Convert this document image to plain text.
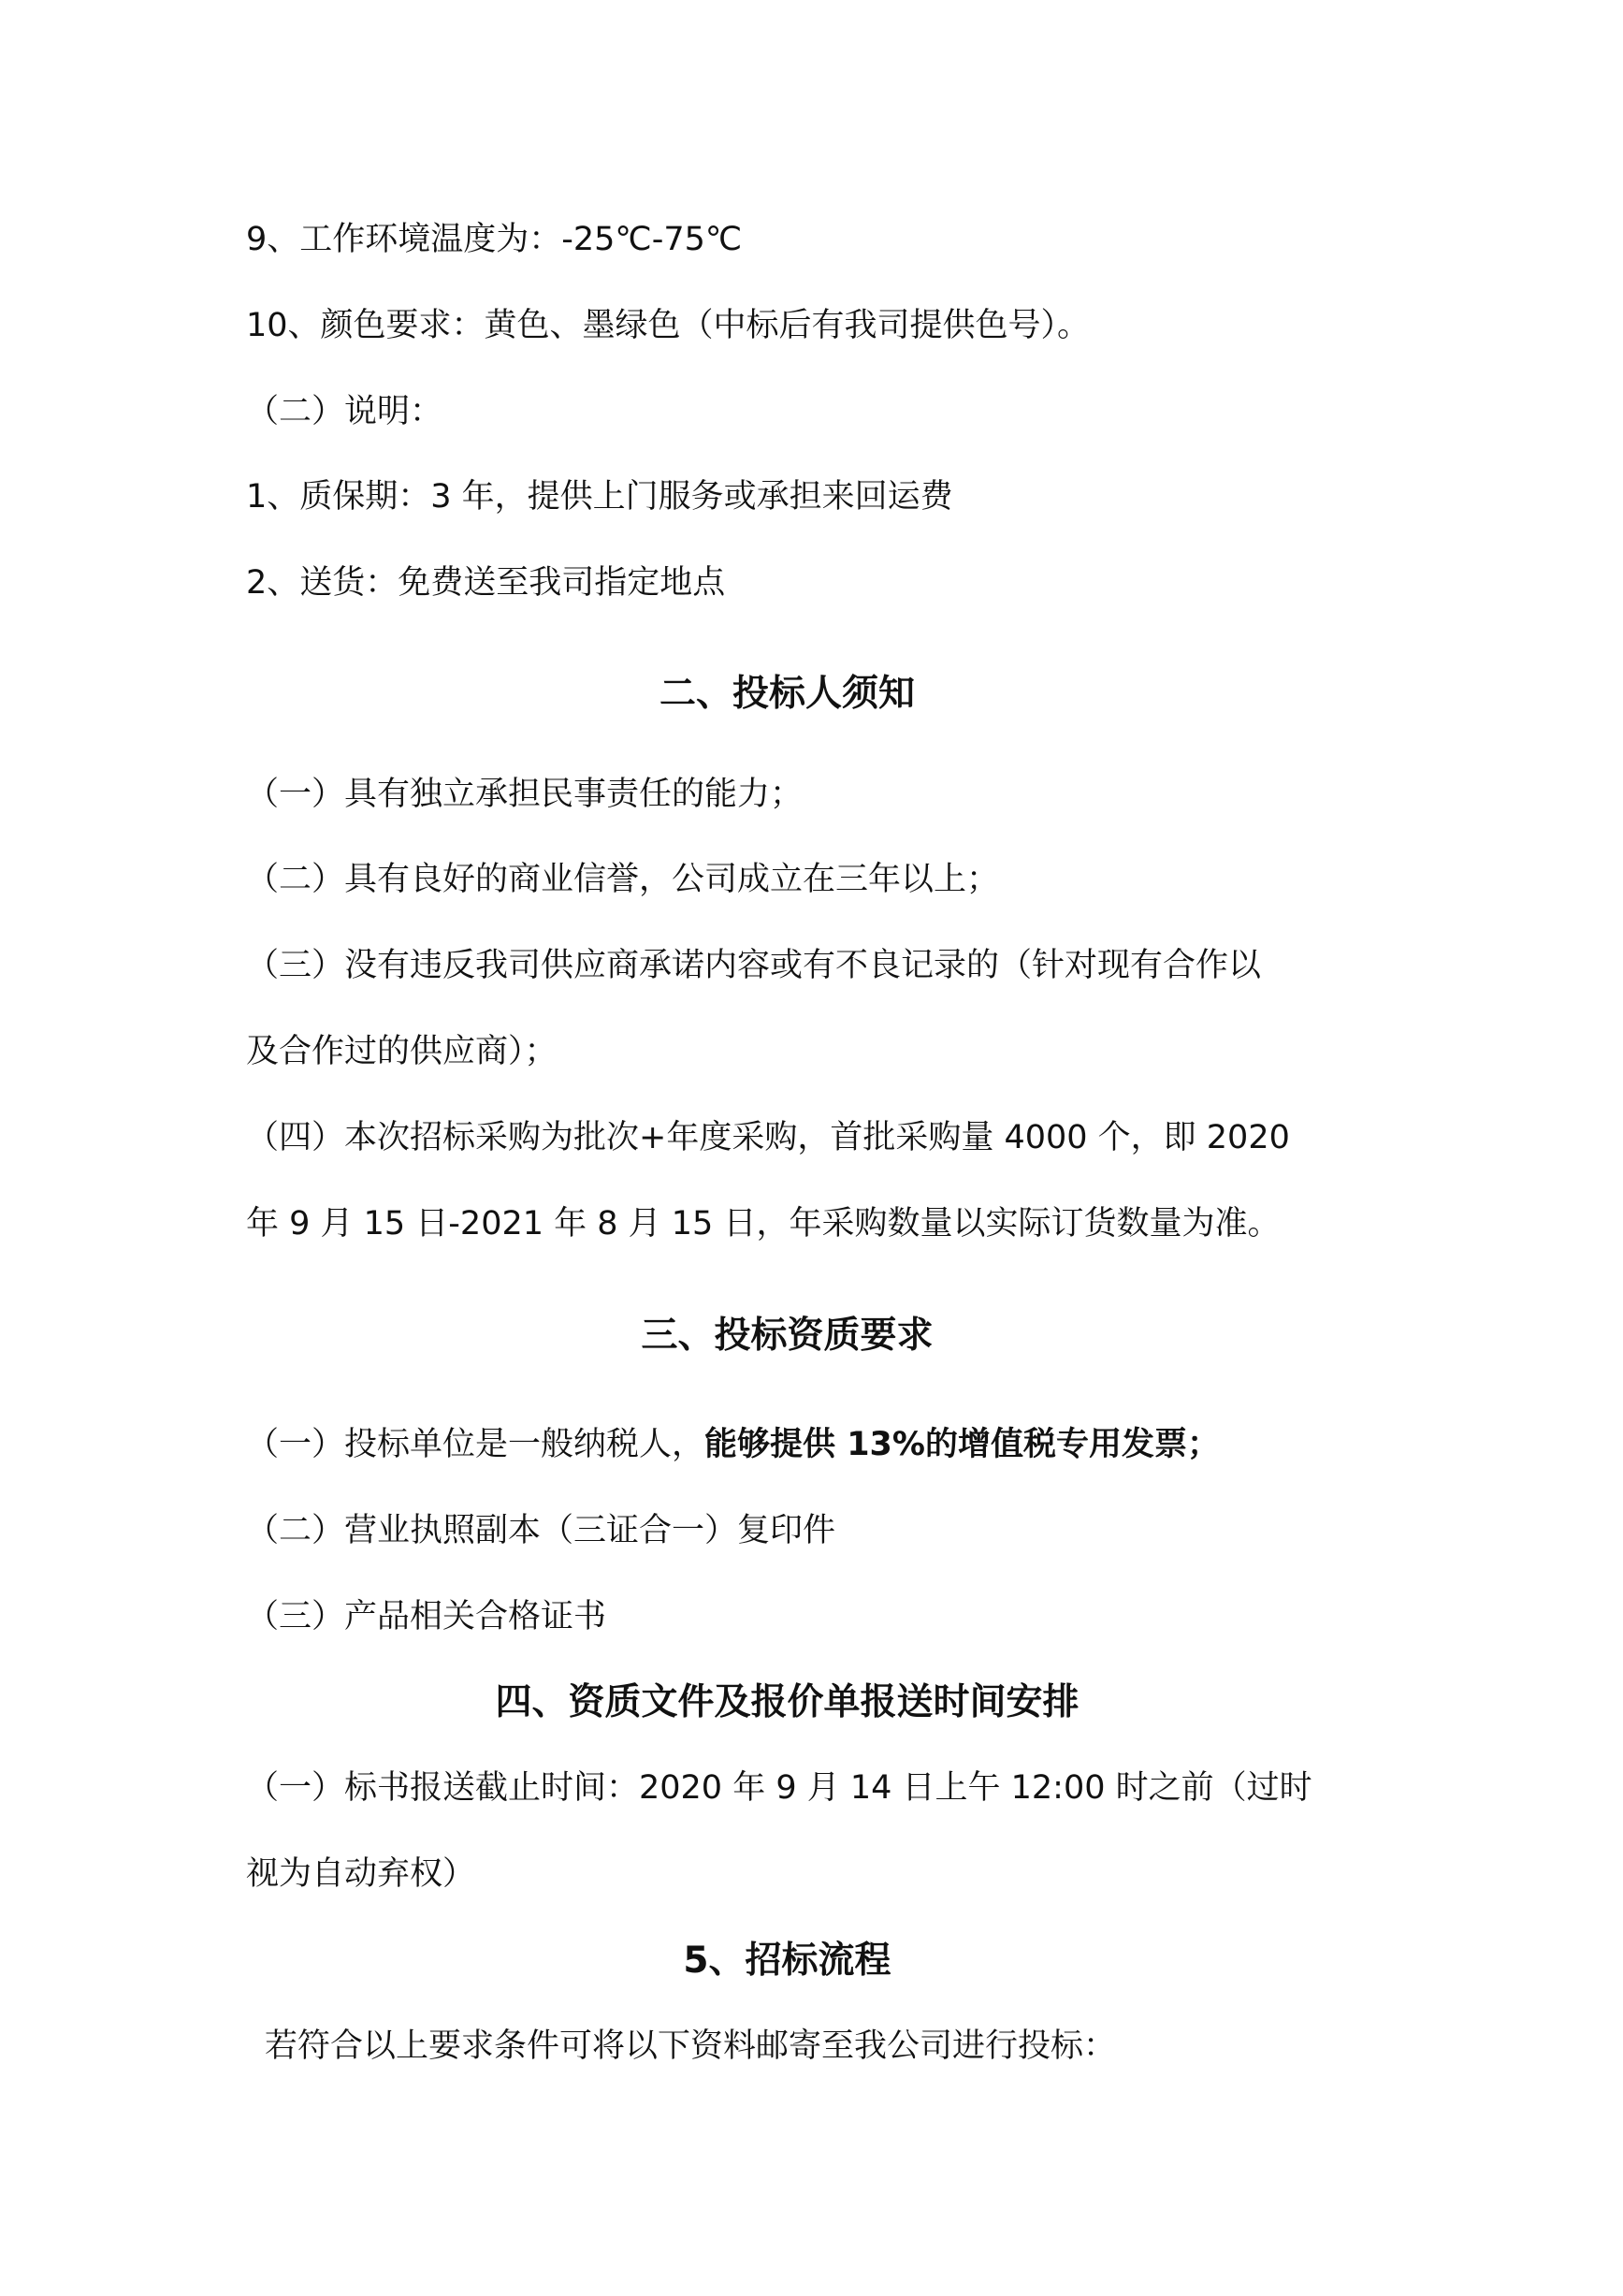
9、工作环境温度为：-25℃-75℃
10、颜色要求：黄色、墨绿色（中标后有我司提供色号）。
（二）说明：
1、质保期：3 年，提供上门服务或承担来回运费
2、送货：免费送至我司指定地点
二、投标人须知
（一）具有独立承担民事责任的能力；
（二）具有良好的商业信誉，公司成立在三年以上；
（三）没有违反我司供应商承诺内容或有不良记录的（针对现有合作以
及合作过的供应商）；
（四）本次招标采购为批次+年度采购，首批采购量 4000 个，即 2020
年 9 月 15 日-2021 年 8 月 15 日，年采购数量以实际订货数量为准。
三、投标资质要求
（一）投标单位是一般纳税人，能够提供 13%的增值税专用发票；
（二）营业执照副本（三证合一）复印件
（三）产品相关合格证书
四、资质文件及报价单报送时间安排
（一）标书报送截止时间：2020 年 9 月 14 日上午 12:00 时之前（过时
视为自动弃权）
5、招标流程
若符合以上要求条件可将以下资料邮寄至我公司进行投标：
